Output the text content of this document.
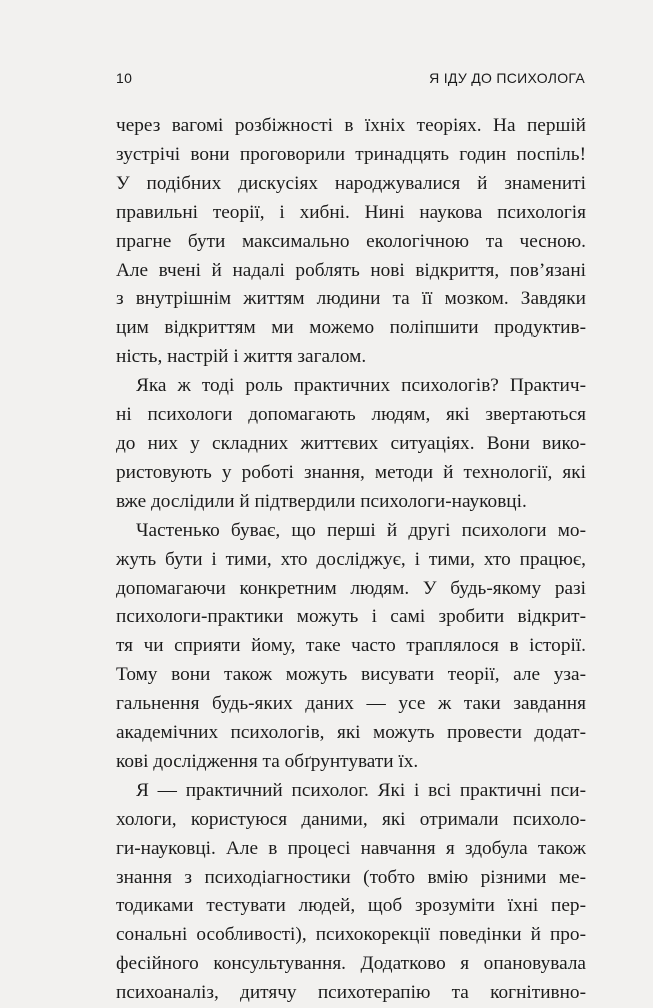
10	Я ІДУ ДО ПСИХОЛОГА
через вагомі розбіжності в їхніх теоріях. На першій
зустрічі вони проговорили тринадцять годин поспіль!
У подібних дискусіях народжувалися й знамениті
правильні теорії, і хибні. Нині наукова психологія
прагне бути максимально екологічною та чесною.
Але вчені й надалі роблять нові відкриття, пов’язані
з внутрішнім життям людини та її мозком. Завдяки
цим відкриттям ми можемо поліпшити продуктив-
ність, настрій і життя загалом.
Яка ж тоді роль практичних психологів? Практич-
ні психологи допомагають людям, які звертаються
до них у складних життєвих ситуаціях. Вони вико-
ристовують у роботі знання, методи й технології, які
вже дослідили й підтвердили психологи-науковці.
Частенько буває, що перші й другі психологи мо-
жуть бути і тими, хто досліджує, і тими, хто працює,
допомагаючи конкретним людям. У будь-якому разі
психологи-практики можуть і самі зробити відкрит-
тя чи сприяти йому, таке часто траплялося в історії.
Тому вони також можуть висувати теорії, але уза-
гальнення будь-яких даних — усе ж таки завдання
академічних психологів, які можуть провести додат-
кові дослідження та обґрунтувати їх.
Я — практичний психолог. Які і всі практичні пси-
хологи, користуюся даними, які отримали психоло-
ги-науковці. Але в процесі навчання я здобула також
знання з психодіагностики (тобто вмію різними ме-
тодиками тестувати людей, щоб зрозуміти їхні пер-
сональні особливості), психокорекції поведінки й про-
фесійного консультування. Додатково я опановувала
психоаналіз, дитячу психотерапію та когнітивно-
